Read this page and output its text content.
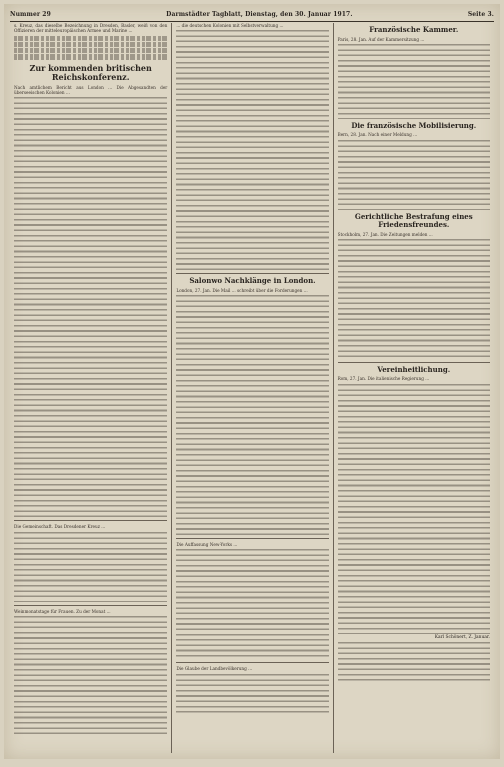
Nummer 29	Darmstädter Tagblatt, Dienstag, den 30. Januar 1917.	Seite 3.

s. Kreuz, das dieselbe Bezeichnung in Dresden, Basler, weiß von den Offizieren der mitteleuropäischen Armee und Marine ...

Zur kommenden britischen Reichskonferenz.

Nach amtlichem Bericht aus London ... Die Abgesandten der überseeischen Kolonien ...

Die Gemeinschaft. Das Dresdener Kreuz ...

Weinmonatstage für Frauen. Zu der Monat ...

... die deutschen Kolonien mit Selbstverwaltung ...

Salonwo Nachklänge in London.

London, 27. Jan. Die Mail ... schreibt über die Forderungen ...

Die Auffassung New-Yorks ...

Die Glaube der Landbevölkerung ...

Französische Kammer.

Paris, 28. Jan. Auf der Kammersitzung ...

Die französische Mobilisierung.

Bern, 28. Jan. Nach einer Meldung ...

Gerichtliche Bestrafung eines Friedensfreundes.

Stockholm, 27. Jan. Die Zeitungen melden ...

Vereinheitlichung.

Rom, 27. Jan. Die italienische Regierung ...

Karl Schönert, Z. Januar.
